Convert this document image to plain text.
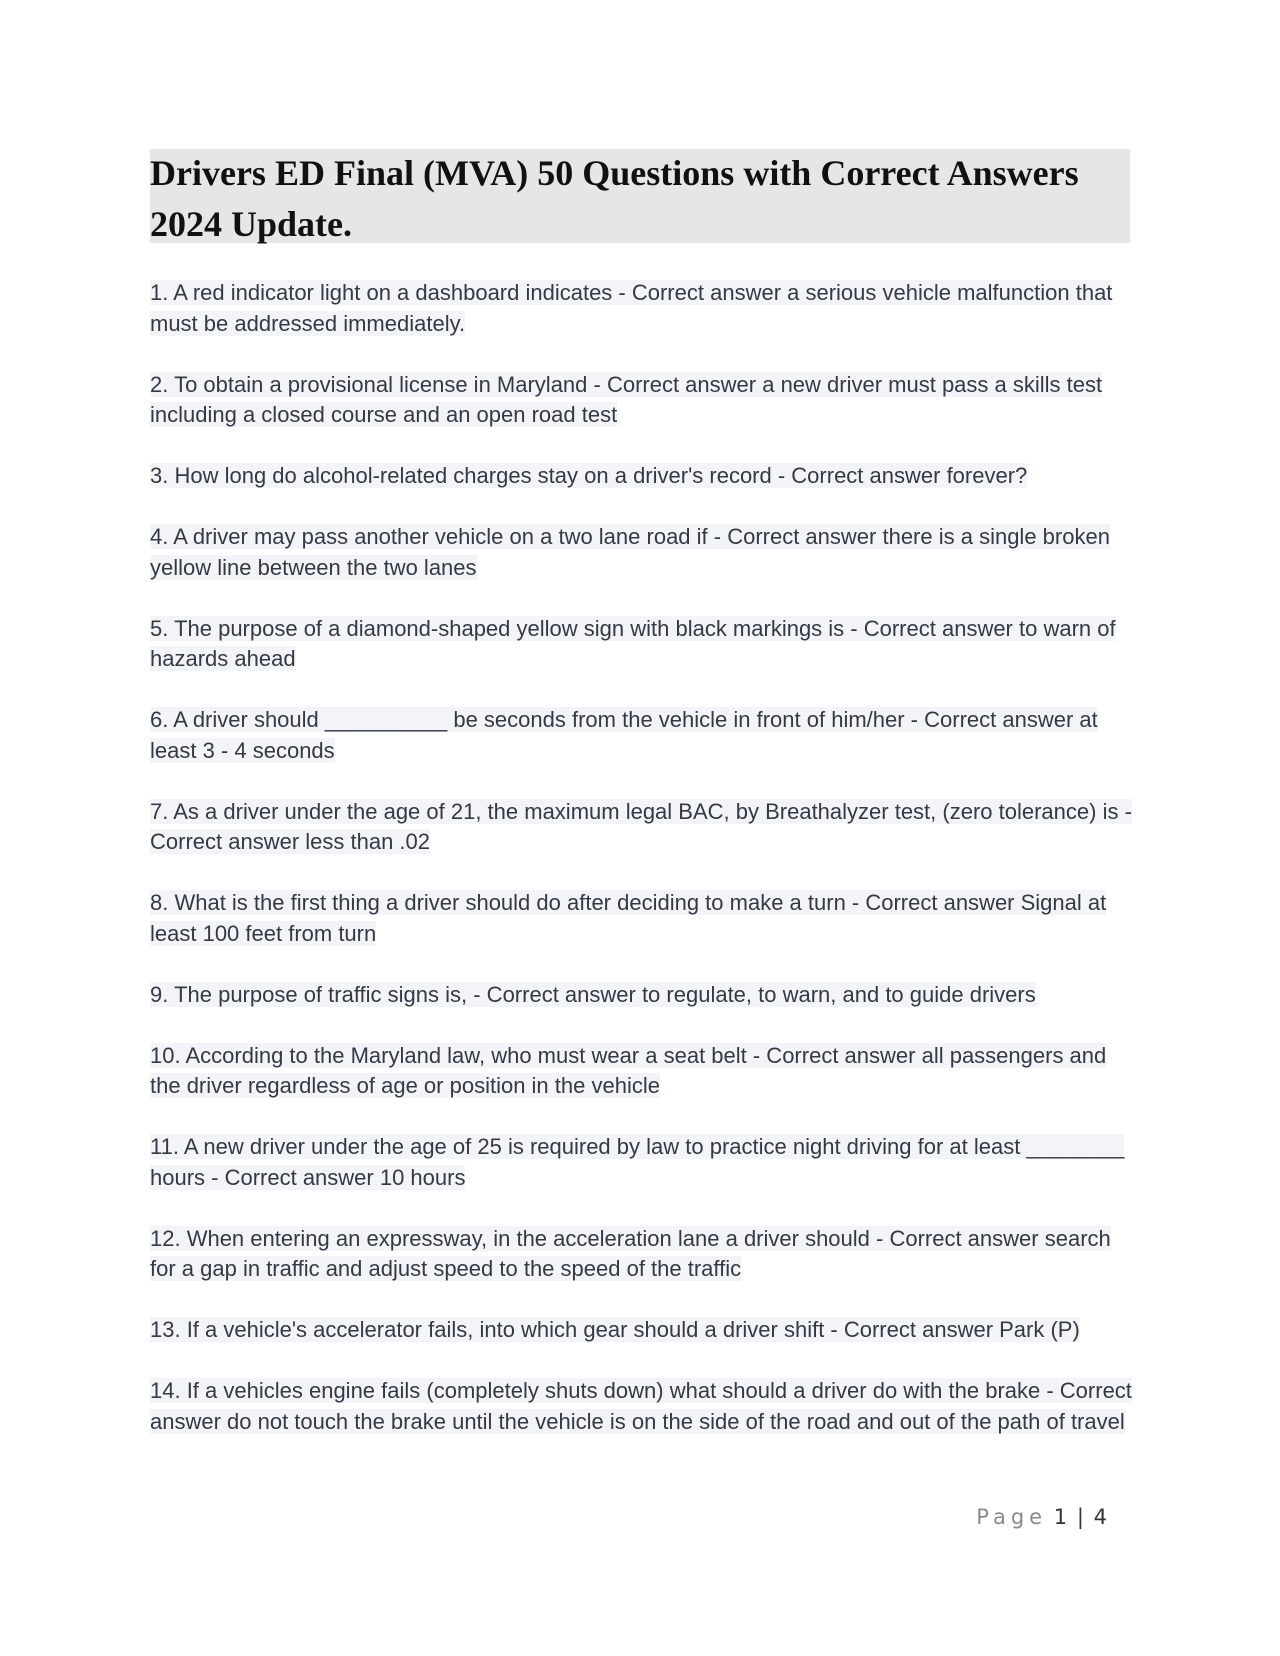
Drivers ED Final (MVA) 50 Questions with Correct Answers 2024 Update.
1. A red indicator light on a dashboard indicates - Correct answer a serious vehicle malfunction that must be addressed immediately.
2. To obtain a provisional license in Maryland - Correct answer a new driver must pass a skills test including a closed course and an open road test
3. How long do alcohol-related charges stay on a driver's record - Correct answer forever?
4. A driver may pass another vehicle on a two lane road if - Correct answer there is a single broken yellow line between the two lanes
5. The purpose of a diamond-shaped yellow sign with black markings is - Correct answer to warn of hazards ahead
6. A driver should __________ be seconds from the vehicle in front of him/her - Correct answer at least 3 - 4 seconds
7. As a driver under the age of 21, the maximum legal BAC, by Breathalyzer test, (zero tolerance) is - Correct answer less than .02
8. What is the first thing a driver should do after deciding to make a turn - Correct answer Signal at least 100 feet from turn
9. The purpose of traffic signs is, - Correct answer to regulate, to warn, and to guide drivers
10. According to the Maryland law, who must wear a seat belt - Correct answer all passengers and the driver regardless of age or position in the vehicle
11. A new driver under the age of 25 is required by law to practice night driving for at least ________ hours - Correct answer 10 hours
12. When entering an expressway, in the acceleration lane a driver should - Correct answer search for a gap in traffic and adjust speed to the speed of the traffic
13. If a vehicle's accelerator fails, into which gear should a driver shift - Correct answer Park (P)
14. If a vehicles engine fails (completely shuts down) what should a driver do with the brake - Correct answer do not touch the brake until the vehicle is on the side of the road and out of the path of travel
Page 1 | 4
